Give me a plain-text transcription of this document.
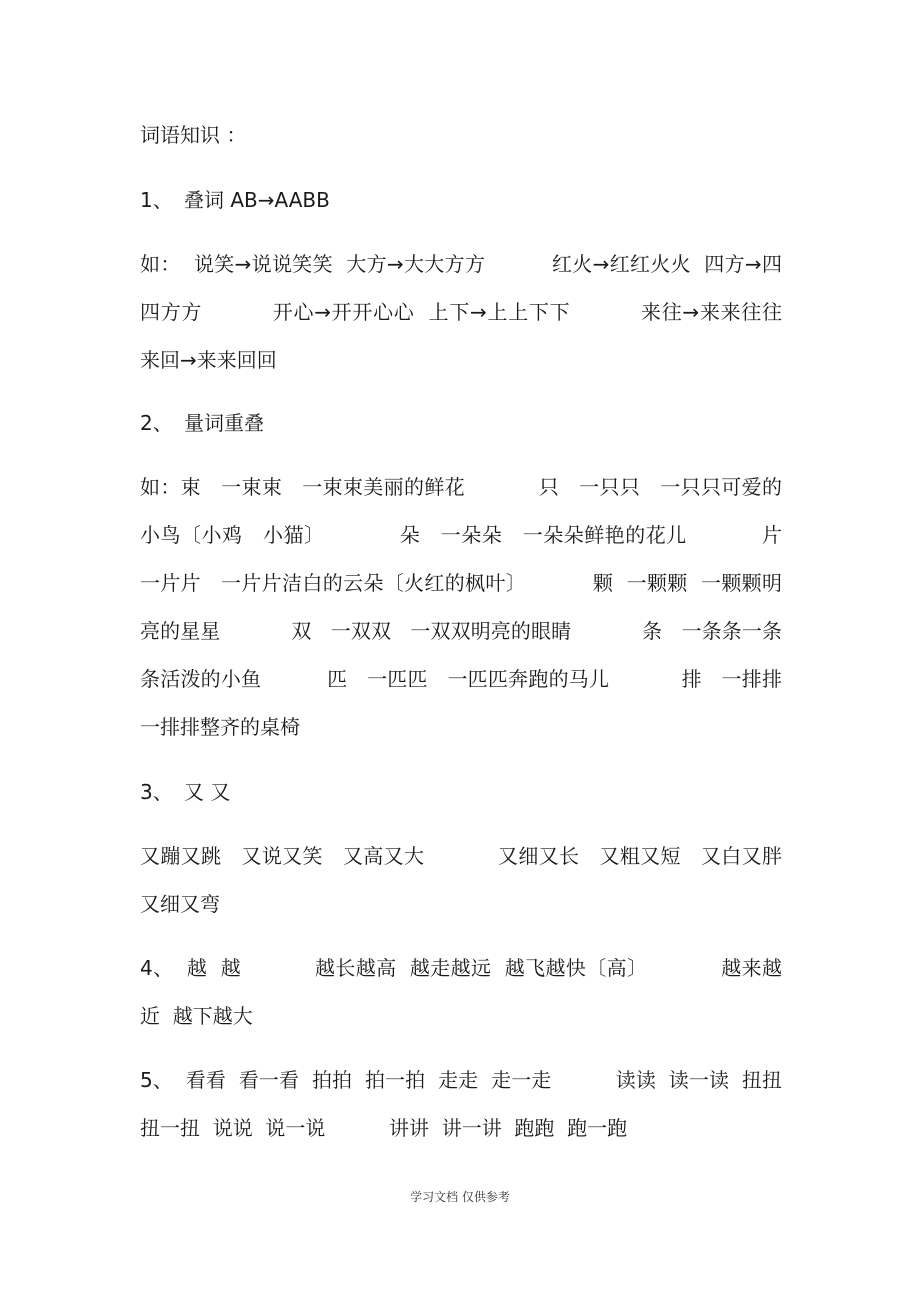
词语知识 ：
1、 叠词 AB→AABB
如：  说笑→说说笑笑  大方→大大方方          红火→红红火火  四方→四四方方          开心→开开心心  上下→上上下下          来往→来来往往  来回→来来回回
2、 量词重叠
如：束   一束束   一束束美丽的鲜花           只   一只只   一只只可爱的小鸟〔小鸡   小猫〕           朵   一朵朵   一朵朵鲜艳的花儿           片   一片片   一片片洁白的云朵〔火红的枫叶〕          颗  一颗颗  一颗颗明亮的星星           双   一双双   一双双明亮的眼睛           条   一条条一条条活泼的小鱼          匹   一匹匹   一匹匹奔跑的马儿           排   一排排   一排排整齐的桌椅
3、 又 又
又蹦又跳   又说又笑   又高又大           又细又长   又粗又短   又白又胖又细又弯
4、 越  越           越长越高  越走越远  越飞越快〔高〕           越来越近  越下越大
5、 看看  看一看  拍拍  拍一拍  走走  走一走          读读  读一读  扭扭  扭一扭  说说  说一说          讲讲  讲一讲  跑跑  跑一跑
学习文档 仅供参考
